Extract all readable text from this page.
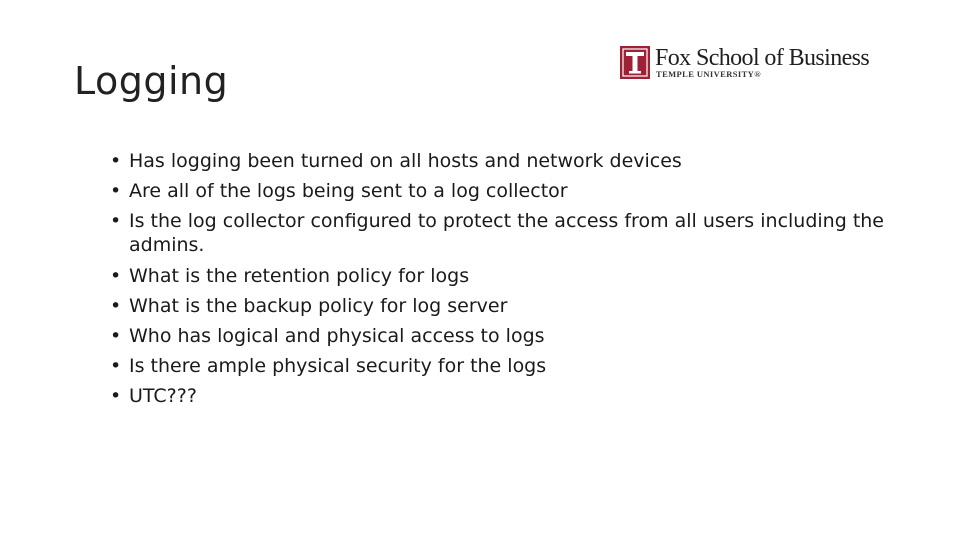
Logging
Fox School of Business
TEMPLE UNIVERSITY®
• Has logging been turned on all hosts and network devices
• Are all of the logs being sent to a log collector
• Is the log collector configured to protect the access from all users including the admins.
• What is the retention policy for logs
• What is the backup policy for log server
• Who has logical and physical access to logs
• Is there ample physical security for the logs
• UTC???
